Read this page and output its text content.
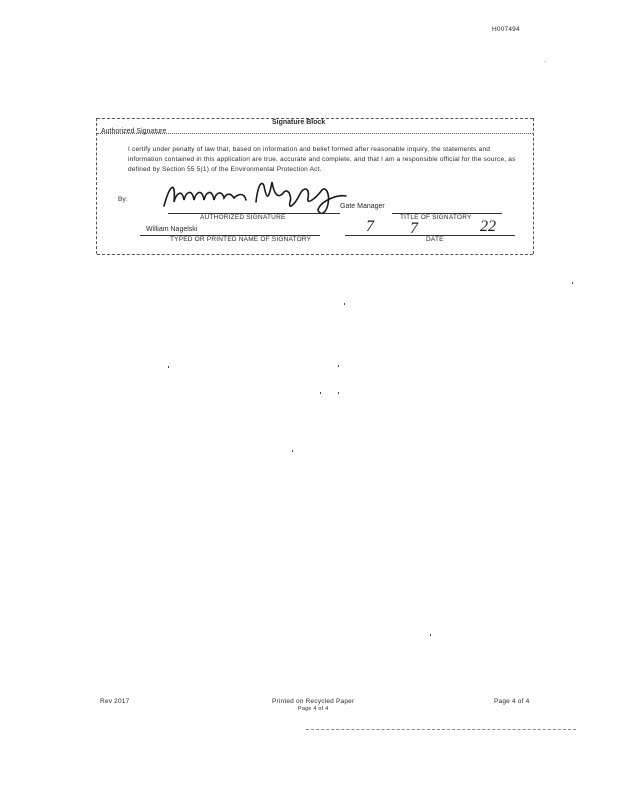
H007494
·
Signature Block
Authorized Signature
I certify under penalty of law that, based on information and belief formed after reasonable inquiry, the statements and information contained in this application are true, accurate and complete, and that I am a responsible official for the source, as defined by Section 55 5(1) of the Environmental Protection Act.
By:
AUTHORIZED SIGNATURE
Gate Manager
TITLE OF SIGNATORY
William Nagelski
TYPED OR PRINTED NAME OF SIGNATORY
7 7	22
DATE
Rev 2017	Printed on Recycled Paper
Page 4 of 4
Page 4 of 4
